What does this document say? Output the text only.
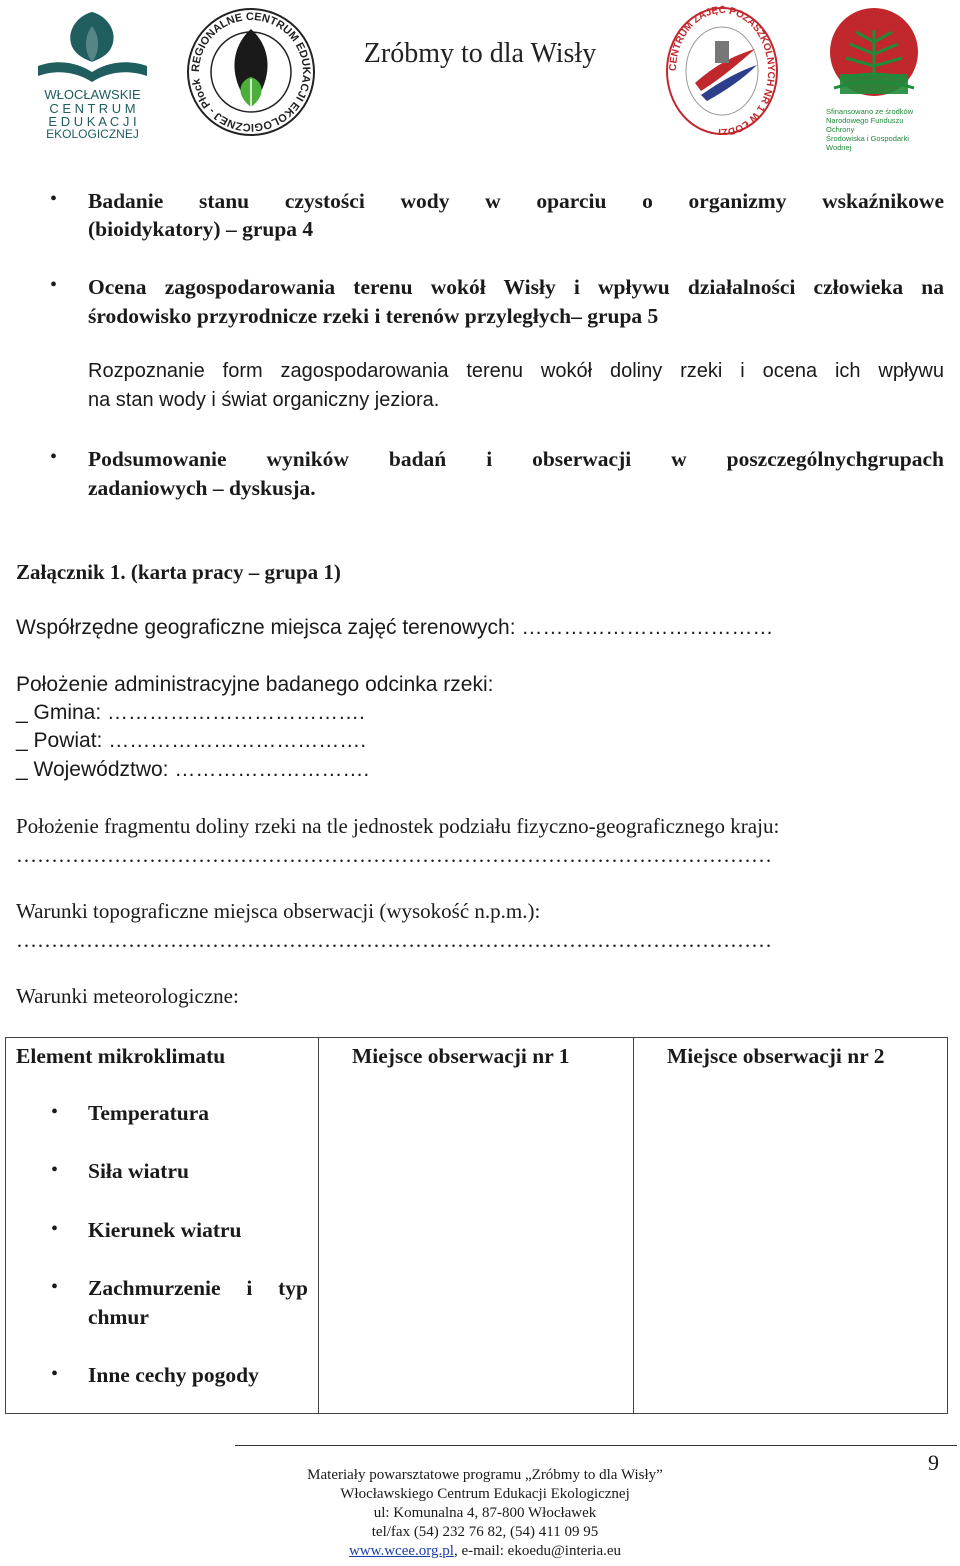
WŁOCŁAWSKIE
C E N T R U M
E D U K A C J I
EKOLOGICZNEJ
REGIONALNE CENTRUM EDUKACJI EKOLOGICZNEJ - Płock
Zróbmy to dla Wisły	CENTRUM ZAJĘĆ POZASZKOLNYCH NR 1 W ŁODZI
Sfinansowano ze środków
Narodowego Funduszu Ochrony
Środowiska i Gospodarki Wodnej
•
Badanie stanu czystości wody w oparciu o organizmy wskaźnikowe
(bioidykatory) – grupa 4
•
Ocena zagospodarowania terenu wokół Wisły i wpływu działalności człowieka na
środowisko przyrodnicze rzeki i terenów przyległych– grupa 5
Rozpoznanie form zagospodarowania terenu wokół doliny rzeki i ocena ich wpływu
na stan wody i świat organiczny jeziora.
•
Podsumowanie wyników badań i obserwacji w poszczególnychgrupach
zadaniowych – dyskusja.
Załącznik 1. (karta pracy – grupa 1)
Współrzędne geograficzne miejsca zajęć terenowych: ………………………………
Położenie administracyjne badanego odcinka rzeki:
_ Gmina: ……………………………….
_ Powiat: ……………………………….
_ Województwo: ……………………….
Położenie fragmentu doliny rzeki na tle jednostek podziału fizyczno-geograficznego kraju:
………………………………………………………………………………………………
Warunki topograficzne miejsca obserwacji (wysokość n.p.m.):
………………………………………………………………………………………………
Warunki meteorologiczne:
Element mikroklimatu	Miejsce obserwacji nr 1	Miejsce obserwacji nr 2
•
Temperatura
•
Siła wiatru
•
Kierunek wiatru
•
Zachmurzenie i typ
chmur
•
Inne cechy pogody
9
Materiały powarsztatowe programu „Zróbmy to dla Wisły”
Włocławskiego Centrum Edukacji Ekologicznej
ul: Komunalna 4, 87-800 Włocławek
tel/fax (54) 232 76 82, (54) 411 09 95
www.wcee.org.pl, e-mail: ekoedu@interia.eu
